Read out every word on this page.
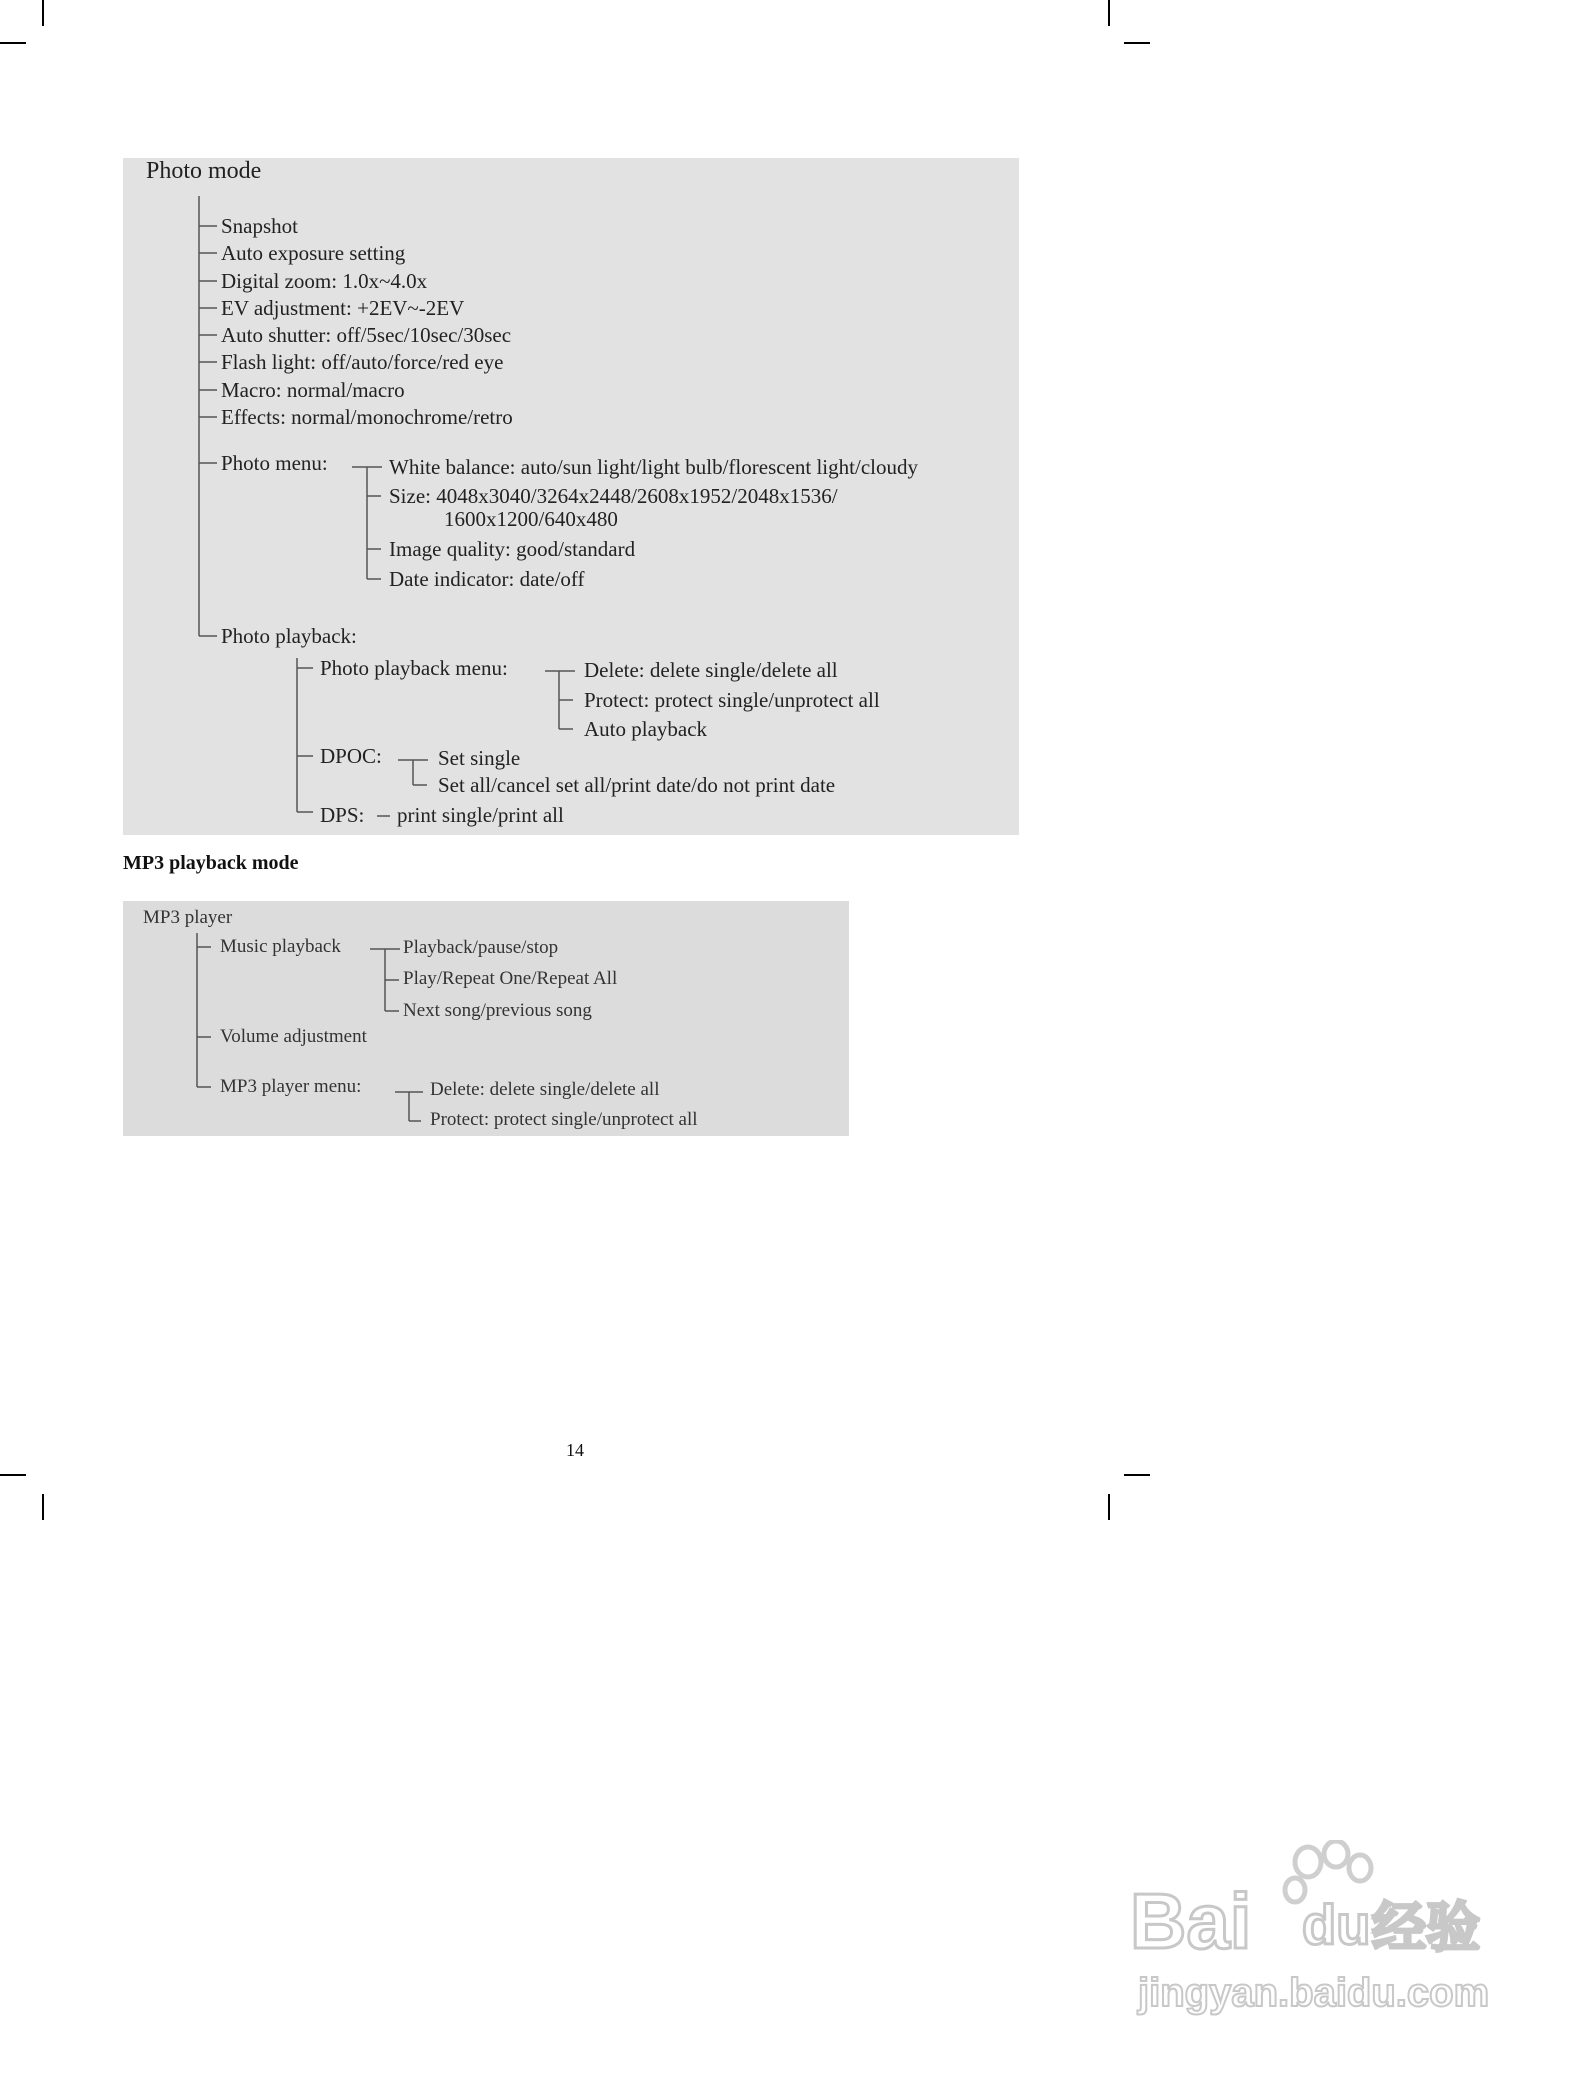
Photo mode
Snapshot
Auto exposure setting
Digital zoom: 1.0x~4.0x
EV adjustment: +2EV~-2EV
Auto shutter: off/5sec/10sec/30sec
Flash light: off/auto/force/red eye
Macro: normal/macro
Effects: normal/monochrome/retro
Photo menu:	White balance: auto/sun light/light bulb/florescent light/cloudy
Size: 4048x3040/3264x2448/2608x1952/2048x1536/
1600x1200/640x480
Image quality: good/standard
Date indicator: date/off
Photo playback:
Photo playback menu:	Delete: delete single/delete all
Protect: protect single/unprotect all
Auto playback
DPOC:	Set single
Set all/cancel set all/print date/do not print date
DPS: print single/print all
MP3 playback mode
MP3 player
Music playback	Playback/pause/stop
Play/Repeat One/Repeat All
Next song/previous song
Volume adjustment
MP3 player menu:	Delete: delete single/delete all
Protect: protect single/unprotect all
14
Bai du 经验
jingyan.baidu.com
